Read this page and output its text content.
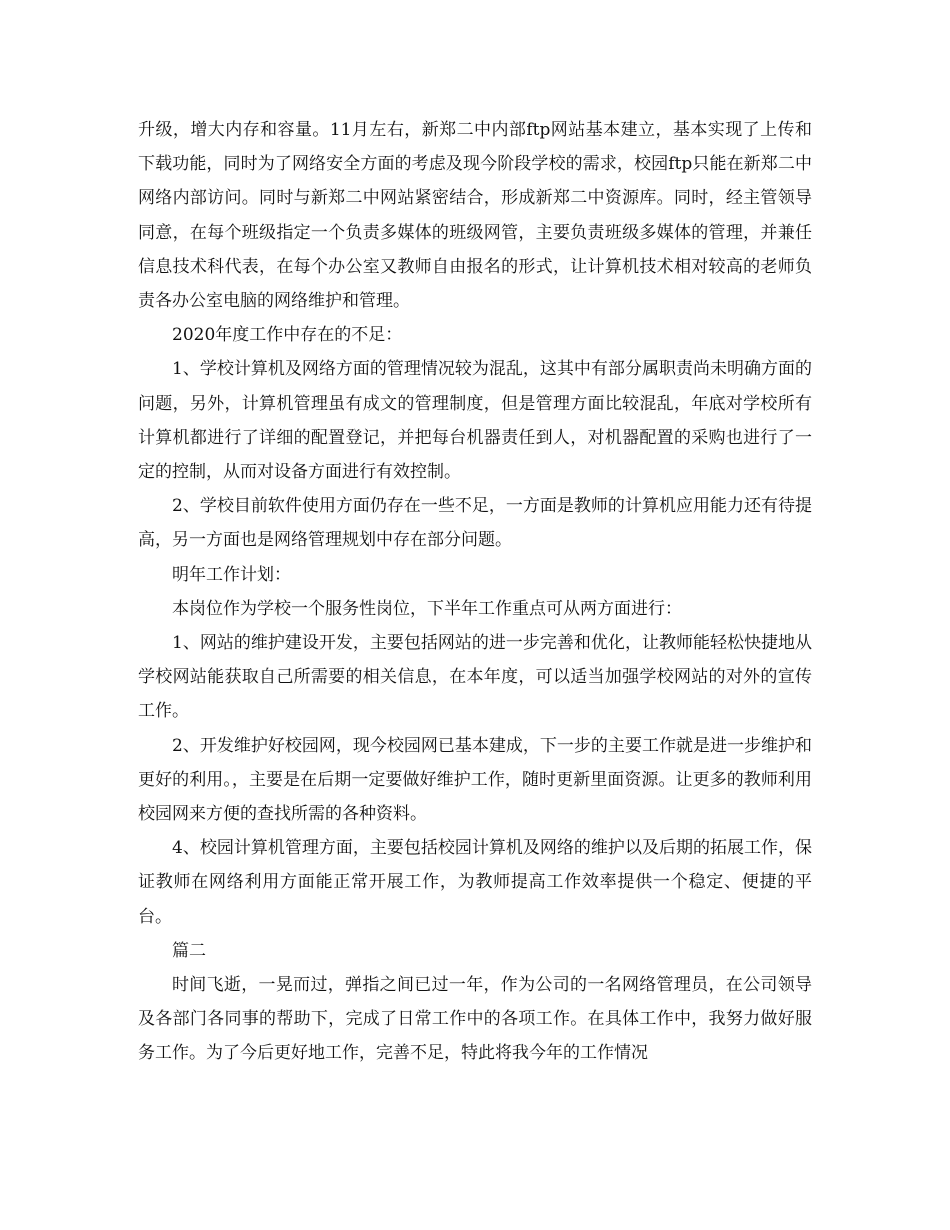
升级，增大内存和容量。11月左右，新郑二中内部ftp网站基本建立，基本实现了上传和下载功能，同时为了网络安全方面的考虑及现今阶段学校的需求，校园ftp只能在新郑二中网络内部访问。同时与新郑二中网站紧密结合，形成新郑二中资源库。同时，经主管领导同意，在每个班级指定一个负责多媒体的班级网管，主要负责班级多媒体的管理，并兼任信息技术科代表，在每个办公室又教师自由报名的形式，让计算机技术相对较高的老师负责各办公室电脑的网络维护和管理。

2020年度工作中存在的不足：

1、学校计算机及网络方面的管理情况较为混乱，这其中有部分属职责尚未明确方面的问题，另外，计算机管理虽有成文的管理制度，但是管理方面比较混乱，年底对学校所有计算机都进行了详细的配置登记，并把每台机器责任到人，对机器配置的采购也进行了一定的控制，从而对设备方面进行有效控制。

2、学校目前软件使用方面仍存在一些不足，一方面是教师的计算机应用能力还有待提高，另一方面也是网络管理规划中存在部分问题。

明年工作计划：

本岗位作为学校一个服务性岗位，下半年工作重点可从两方面进行：

1、网站的维护建设开发，主要包括网站的进一步完善和优化，让教师能轻松快捷地从学校网站能获取自己所需要的相关信息，在本年度，可以适当加强学校网站的对外的宣传工作。

2、开发维护好校园网，现今校园网已基本建成，下一步的主要工作就是进一步维护和更好的利用。，主要是在后期一定要做好维护工作，随时更新里面资源。让更多的教师利用校园网来方便的查找所需的各种资料。

4、校园计算机管理方面，主要包括校园计算机及网络的维护以及后期的拓展工作，保证教师在网络利用方面能正常开展工作，为教师提高工作效率提供一个稳定、便捷的平台。

篇二

时间飞逝，一晃而过，弹指之间已过一年，作为公司的一名网络管理员，在公司领导及各部门各同事的帮助下，完成了日常工作中的各项工作。在具体工作中，我努力做好服务工作。为了今后更好地工作，完善不足，特此将我今年的工作情况
